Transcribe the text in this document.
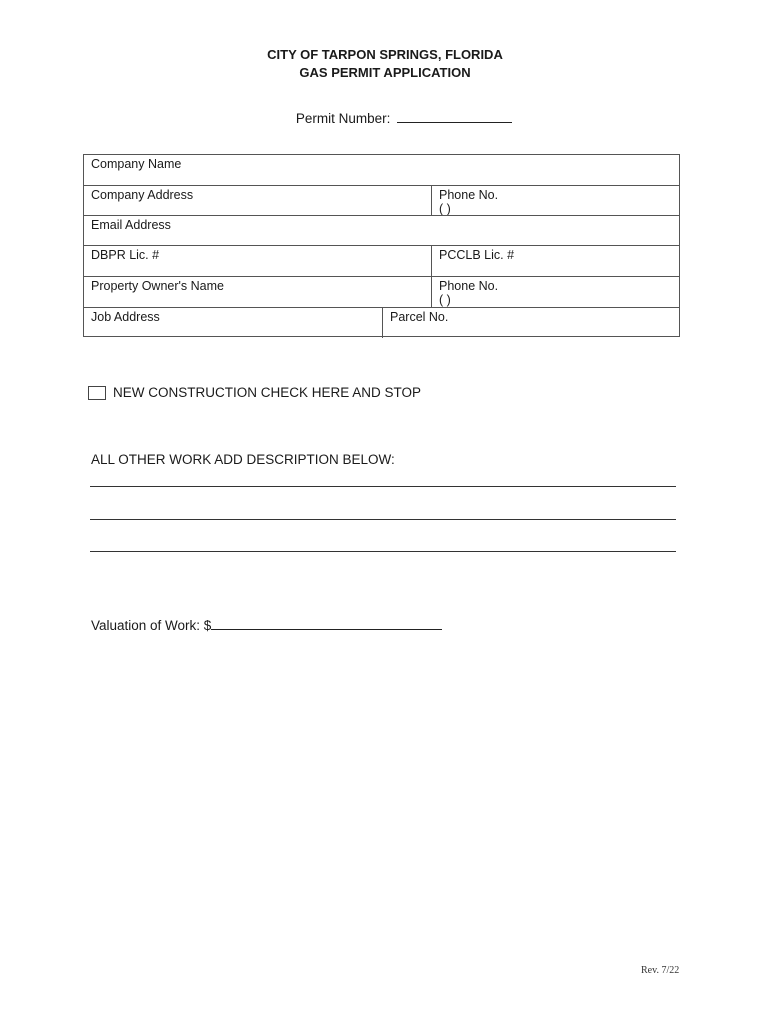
CITY OF TARPON SPRINGS, FLORIDA
GAS PERMIT APPLICATION
Permit Number:
Company Name
Company Address	Phone No.
( )
Email Address
DBPR Lic. #	PCCLB Lic. #
Property Owner's Name	Phone No.
( )
Job Address	Parcel No.
NEW CONSTRUCTION CHECK HERE AND STOP
ALL OTHER WORK ADD DESCRIPTION BELOW:
Valuation of Work: $
Rev. 7/22
